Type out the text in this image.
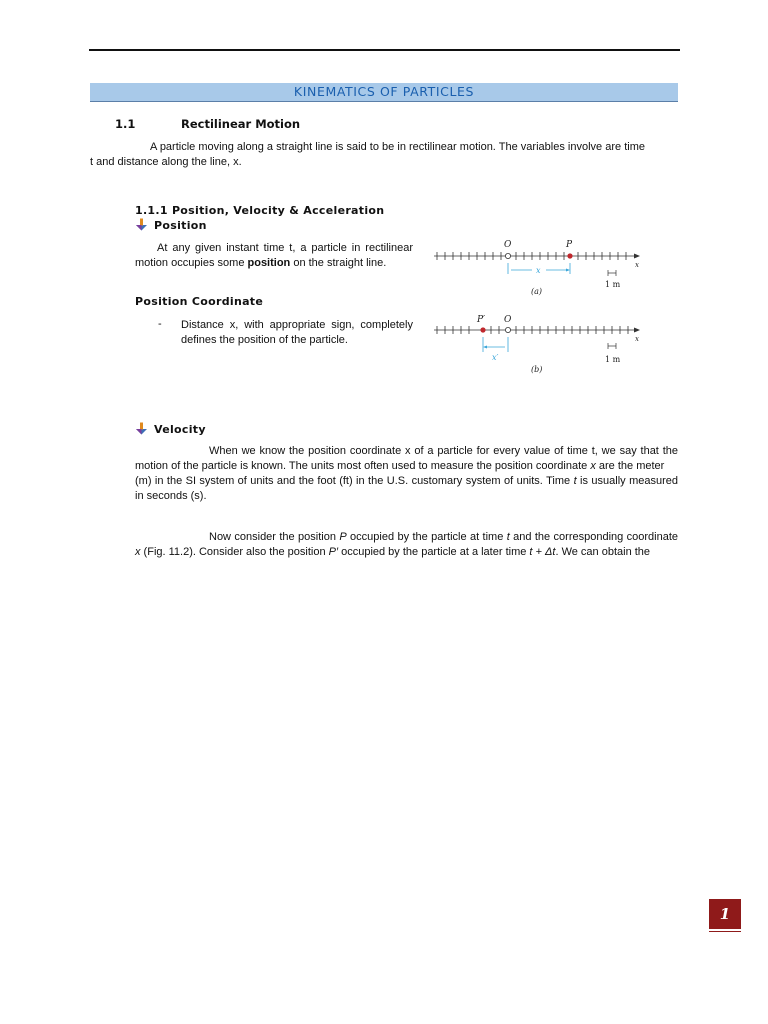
KINEMATICS OF PARTICLES
1.1	Rectilinear Motion
A particle moving along a straight line is said to be in rectilinear motion. The variables involve are time t and distance along the line, x.
1.1.1 Position, Velocity & Acceleration
Position
At any given instant time t, a particle in rectilinear motion occupies some position on the straight line.
Position Coordinate
- Distance x, with appropriate sign, completely defines the position of the particle.
O	P
x
x
1 m
(a)
O
P′
x
x′	1 m
(b)
Velocity
When we know the position coordinate x of a particle for every value of time t, we say that the motion of the particle is known. The units most often used to measure the position coordinate x are the meter
(m) in the SI system of units and the foot (ft) in the U.S. customary system of units. Time t is usually measured in seconds (s).
Now consider the position P occupied by the particle at time t and the corresponding coordinate x (Fig. 11.2). Consider also the position P′ occupied by the particle at a later time t + Δt. We can obtain the
1
